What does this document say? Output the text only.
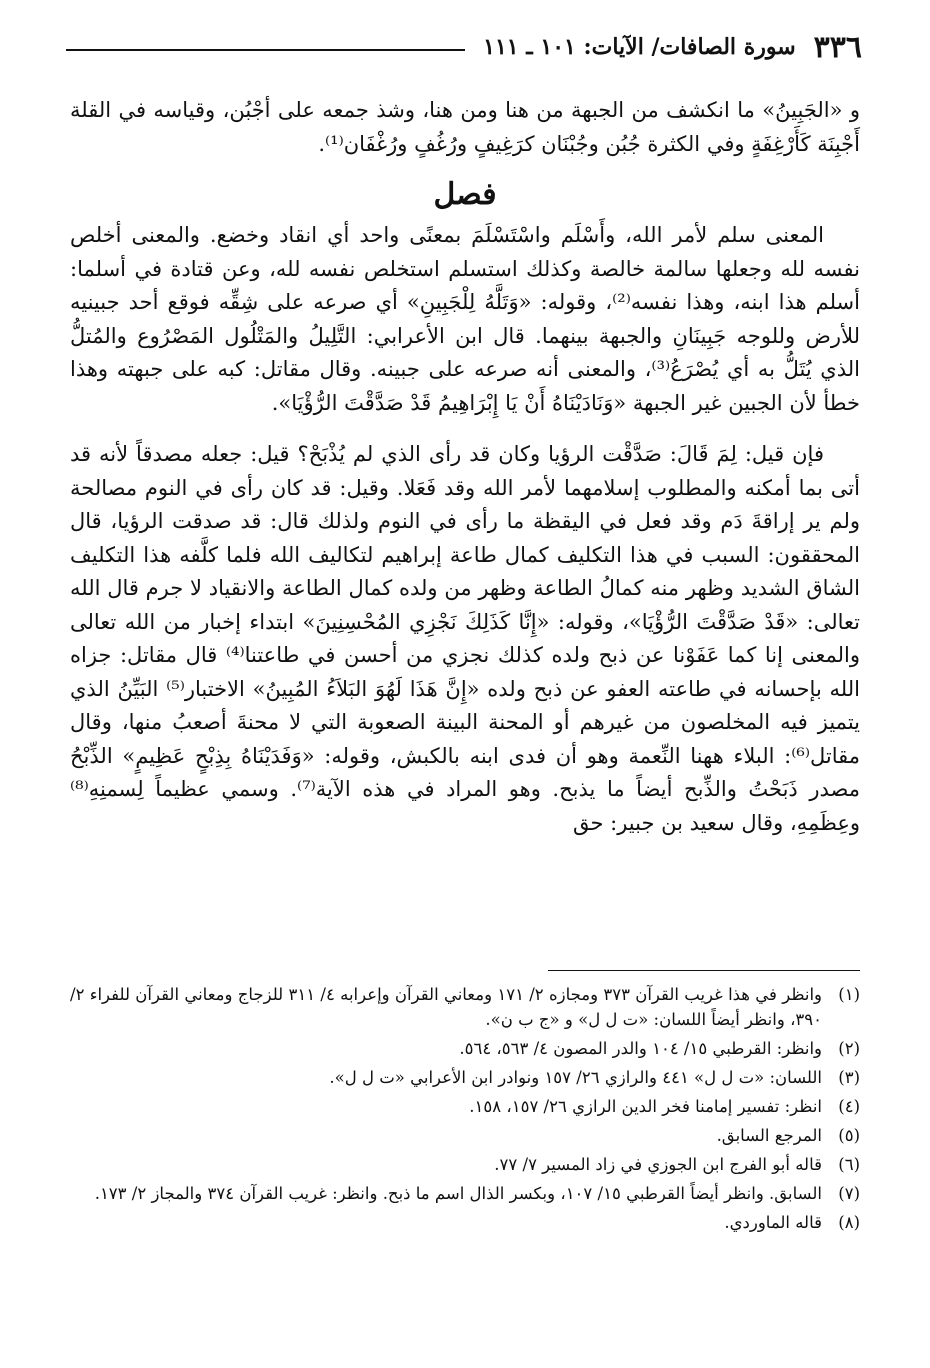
٣٣٦
سورة الصافات/ الآيات: ١٠١ ـ ١١١

و «الجَبِينُ» ما انكشف من الجبهة من هنا ومن هنا، وشذ جمعه على أجْبُن، وقياسه في القلة أَجْبِنَة كَأَرْغِفَةٍ وفي الكثرة جُبُن وجُبْنَان كرَغِيفٍ ورُغُفٍ ورُغْفَان⁽¹⁾.

فصل

المعنى سلم لأمر الله، وأَسْلَم واسْتَسْلَمَ بمعنًى واحد أي انقاد وخضع. والمعنى أخلص نفسه لله وجعلها سالمة خالصة وكذلك استسلم استخلص نفسه لله، وعن قتادة في أسلما: أسلم هذا ابنه، وهذا نفسه⁽²⁾، وقوله: «وَتَلَّهُ لِلْجَبِينِ» أي صرعه على شِقِّه فوقع أحد جبينيه للأرض وللوجه جَبِينَانِ والجبهة بينهما. قال ابن الأعرابي: التَّلِيلُ والمَتْلُول المَصْرُوع والمُتلُّ الذي يُتَلُّ به أي يُصْرَعُ⁽³⁾، والمعنى أنه صرعه على جبينه. وقال مقاتل: كبه على جبهته وهذا خطأ لأن الجبين غير الجبهة «وَنَادَيْنَاهُ أَنْ يَا إِبْرَاهِيمُ قَدْ صَدَّقْتَ الرُّؤْيَا».

فإن قيل: لِمَ قَالَ: صَدَّقْت الرؤيا وكان قد رأى الذي لم يُذْبَحْ؟ قيل: جعله مصدقاً لأنه قد أتى بما أمكنه والمطلوب إسلامهما لأمر الله وقد فَعَلا. وقيل: قد كان رأى في النوم مصالحة ولم ير إراقةَ دَم وقد فعل في اليقظة ما رأى في النوم ولذلك قال: قد صدقت الرؤيا، قال المحققون: السبب في هذا التكليف كمال طاعة إبراهيم لتكاليف الله فلما كلَّفه هذا التكليف الشاق الشديد وظهر منه كمالُ الطاعة وظهر من ولده كمال الطاعة والانقياد لا جرم قال الله تعالى: «قَدْ صَدَّقْتَ الرُّؤْيَا»، وقوله: «إِنَّا كَذَلِكَ نَجْزِي المُحْسِنِينَ» ابتداء إخبار من الله تعالى والمعنى إنا كما عَفَوْنا عن ذبح ولده كذلك نجزي من أحسن في طاعتنا⁽⁴⁾ قال مقاتل: جزاه الله بإحسانه في طاعته العفو عن ذبح ولده «إِنَّ هَذَا لَهُوَ البَلاَءُ المُبِينُ» الاختبار⁽⁵⁾ البَيِّنُ الذي يتميز فيه المخلصون من غيرهم أو المحنة البينة الصعوبة التي لا محنةَ أصعبُ منها، وقال مقاتل⁽⁶⁾: البلاء ههنا النِّعمة وهو أن فدى ابنه بالكبش، وقوله: «وَفَدَيْنَاهُ بِذِبْحٍ عَظِيمٍ» الذِّبْحُ مصدر ذَبَحْتُ والذِّبح أيضاً ما يذبح. وهو المراد في هذه الآية⁽⁷⁾. وسمي عظيماً لِسمنِهِ⁽⁸⁾ وعِظَمِهِ، وقال سعيد بن جبير: حق

(١)
وانظر في هذا غريب القرآن ٣٧٣ ومجازه ٢/ ١٧١ ومعاني القرآن وإعرابه ٤/ ٣١١ للزجاج ومعاني القرآن للفراء ٢/ ٣٩٠، وانظر أيضاً اللسان: «ت ل ل» و «ج ب ن».
(٢)
وانظر: القرطبي ١٥/ ١٠٤ والدر المصون ٤/ ٥٦٣، ٥٦٤.
(٣)
اللسان: «ت ل ل» ٤٤١ والرازي ٢٦/ ١٥٧ ونوادر ابن الأعرابي «ت ل ل».
(٤)
انظر: تفسير إمامنا فخر الدين الرازي ٢٦/ ١٥٧، ١٥٨.
(٥)
المرجع السابق.
(٦)
قاله أبو الفرج ابن الجوزي في زاد المسير ٧/ ٧٧.
(٧)
السابق. وانظر أيضاً القرطبي ١٥/ ١٠٧، وبكسر الذال اسم ما ذبح. وانظر: غريب القرآن ٣٧٤ والمجاز ٢/ ١٧٣.
(٨)
قاله الماوردي.
